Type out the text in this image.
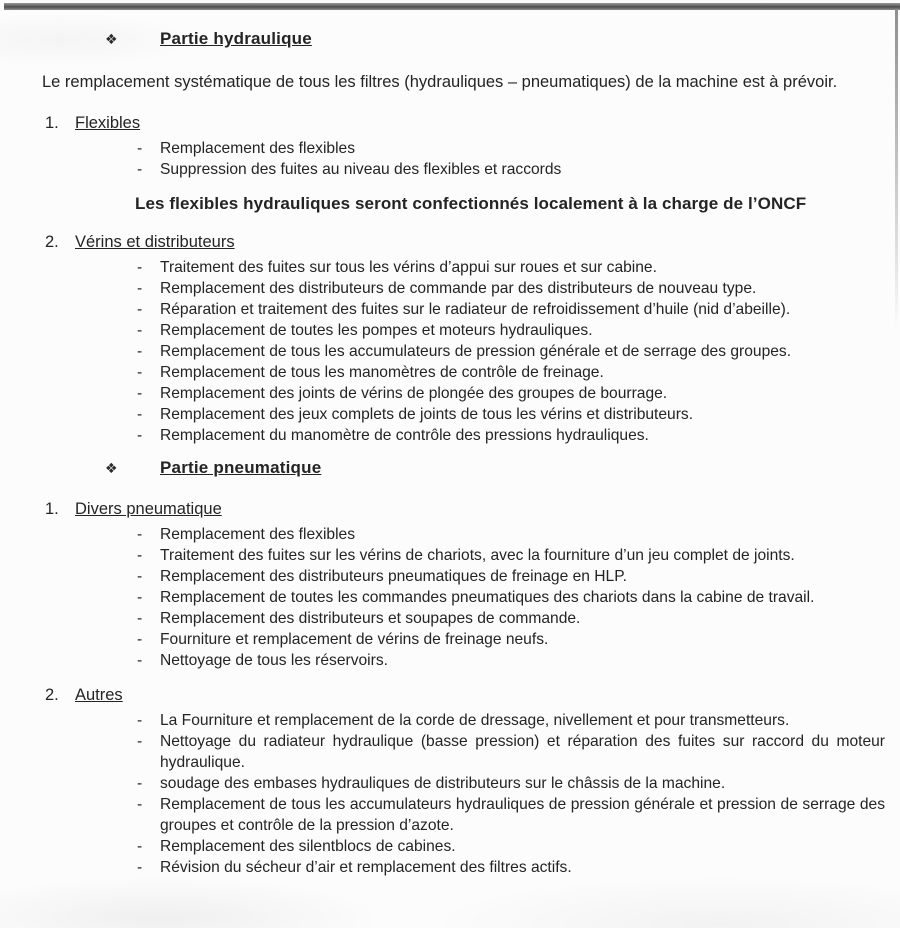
❖	Partie hydraulique

Le remplacement systématique de tous les filtres (hydrauliques – pneumatiques) de la machine est à prévoir.

1. Flexibles
-	Remplacement des flexibles
-	Suppression des fuites au niveau des flexibles et raccords

Les flexibles hydrauliques seront confectionnés localement à la charge de l’ONCF

2. Vérins et distributeurs
-	Traitement des fuites sur tous les vérins d’appui sur roues et sur cabine.
-	Remplacement des distributeurs de commande par des distributeurs de nouveau type.
-	Réparation et traitement des fuites sur le radiateur de refroidissement d’huile (nid d’abeille).
-	Remplacement de toutes les pompes et moteurs hydrauliques.
-	Remplacement de tous les accumulateurs de pression générale et de serrage des groupes.
-	Remplacement de tous les manomètres de contrôle de freinage.
-	Remplacement des joints de vérins de plongée des groupes de bourrage.
-	Remplacement des jeux complets de joints de tous les vérins et distributeurs.
-	Remplacement du manomètre de contrôle des pressions hydrauliques.
❖	Partie pneumatique
1. Divers pneumatique
-	Remplacement des flexibles
-	Traitement des fuites sur les vérins de chariots, avec la fourniture d’un jeu complet de joints.
-	Remplacement des distributeurs pneumatiques de freinage en HLP.
-	Remplacement de toutes les commandes pneumatiques des chariots dans la cabine de travail.
-	Remplacement des distributeurs et soupapes de commande.
-	Fourniture et remplacement de vérins de freinage neufs.
-	Nettoyage de tous les réservoirs.
2. Autres
-	La Fourniture et remplacement de la corde de dressage, nivellement et pour transmetteurs.
-	Nettoyage du radiateur hydraulique (basse pression) et réparation des fuites sur raccord du moteur hydraulique.
-	soudage des embases hydrauliques de distributeurs sur le châssis de la machine.
-	Remplacement de tous les accumulateurs hydrauliques de pression générale et pression de serrage des groupes et contrôle de la pression d’azote.
-	Remplacement des silentblocs de cabines.
-	Révision du sécheur d’air et remplacement des filtres actifs.
